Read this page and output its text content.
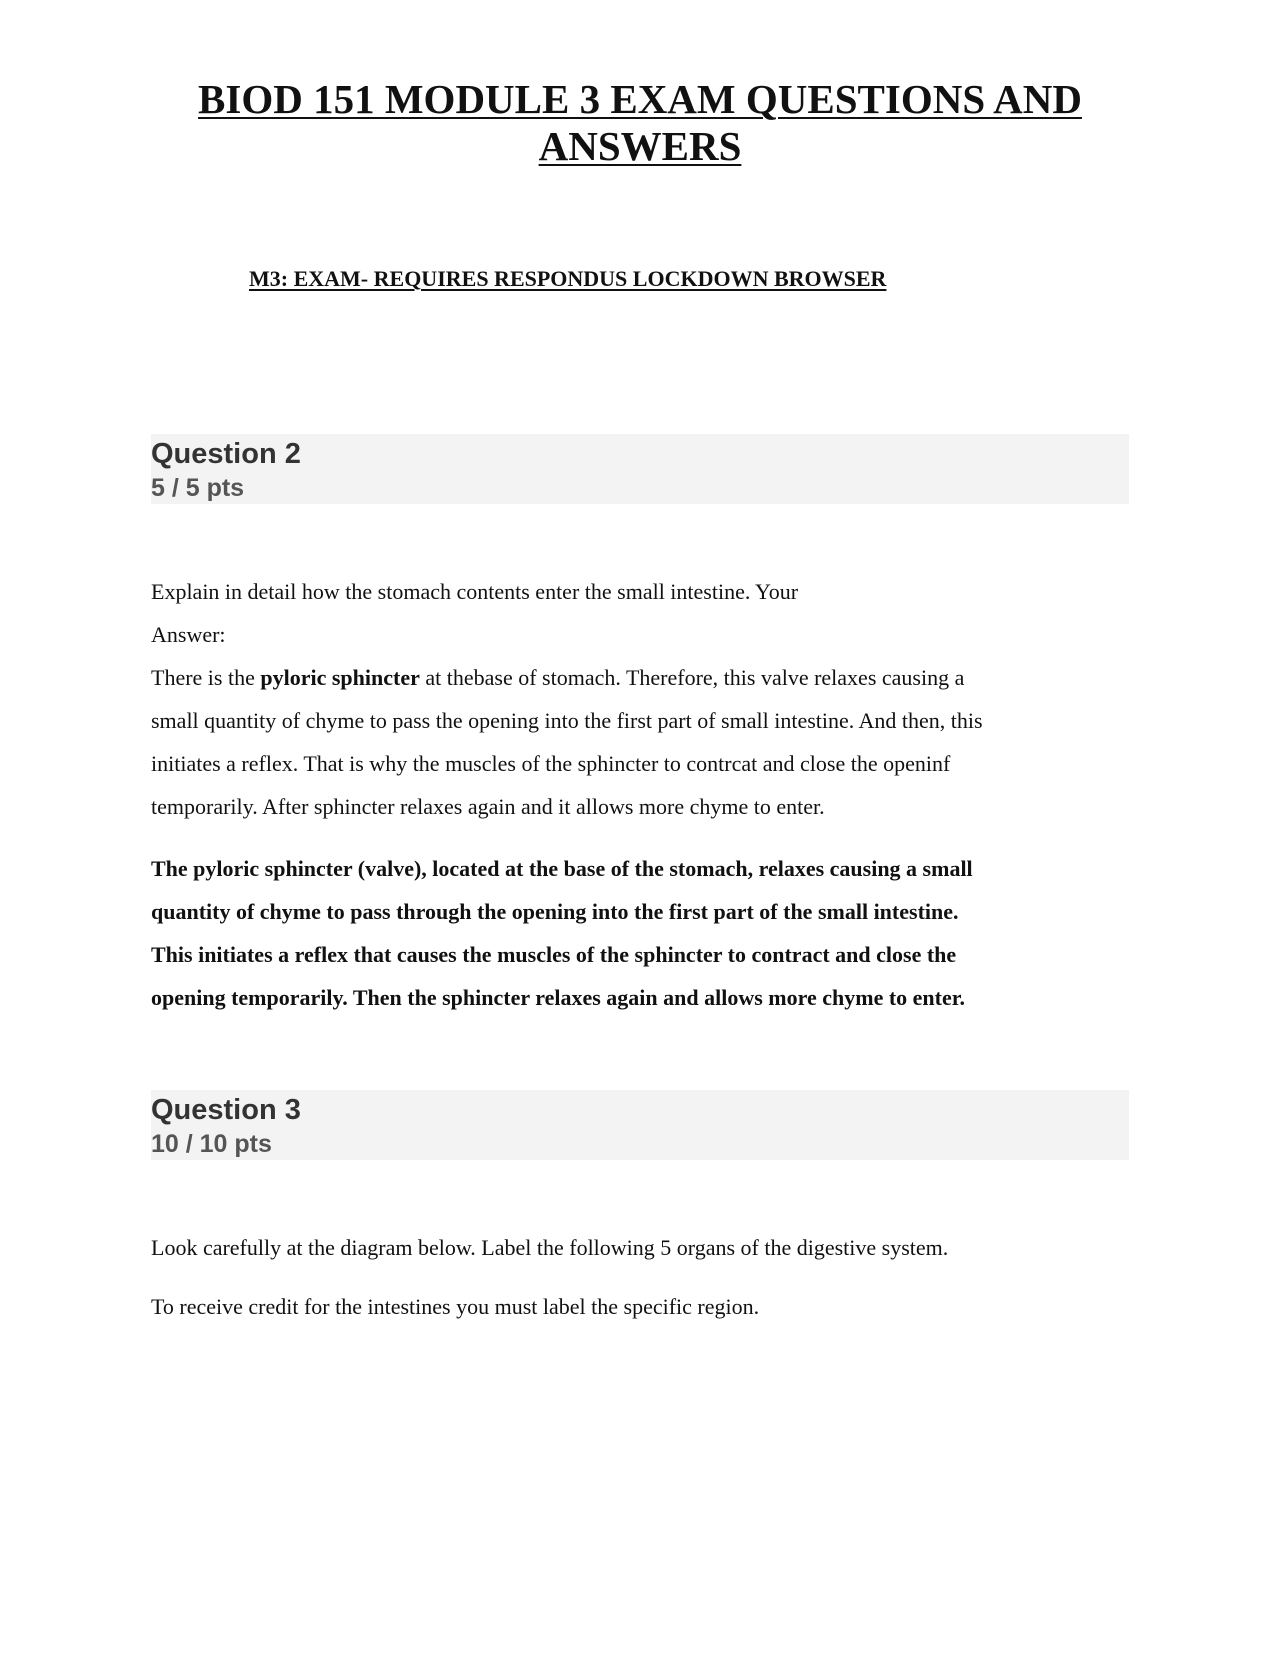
BIOD 151 MODULE 3 EXAM QUESTIONS AND
ANSWERS

M3: EXAM- REQUIRES RESPONDUS LOCKDOWN BROWSER

Question 2
5 / 5 pts
Explain in detail how the stomach contents enter the small intestine. Your
Answer:
There is the pyloric sphincter at thebase of stomach. Therefore, this valve relaxes causing a
small quantity of chyme to pass the opening into the first part of small intestine. And then, this
initiates a reflex. That is why the muscles of the sphincter to contrcat and close the openinf
temporarily. After sphincter relaxes again and it allows more chyme to enter.
The pyloric sphincter (valve), located at the base of the stomach, relaxes causing a small
quantity of chyme to pass through the opening into the first part of the small intestine.
This initiates a reflex that causes the muscles of the sphincter to contract and close the
opening temporarily. Then the sphincter relaxes again and allows more chyme to enter.
Question 3
10 / 10 pts
Look carefully at the diagram below. Label the following 5 organs of the digestive system.
To receive credit for the intestines you must label the specific region.
